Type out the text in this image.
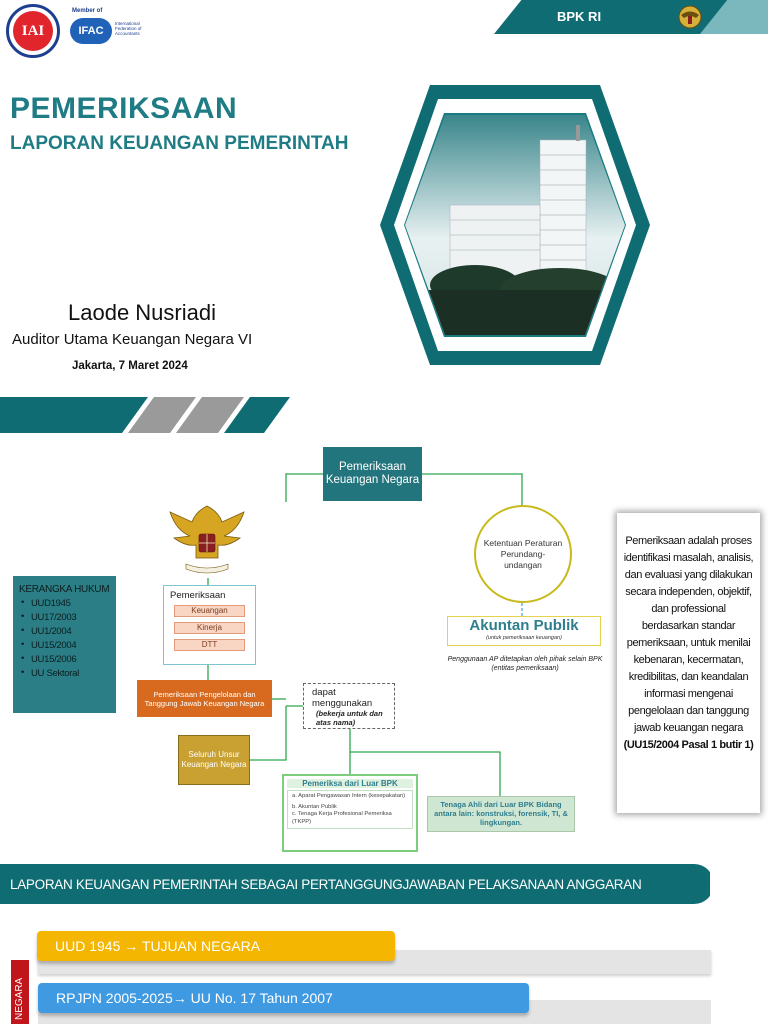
IAI
Member of
IFAC
International Federation of Accountants
BPK RI
PEMERIKSAAN
LAPORAN KEUANGAN PEMERINTAH
Laode Nusriadi
Auditor Utama Keuangan Negara VI
Jakarta, 7 Maret 2024
Pemeriksaan Keuangan Negara
Ketentuan Peraturan Perundang-undangan
KERANGKA HUKUM
• UUD1945
• UU17/2003
• UU1/2004
• UU15/2004
• UU15/2006
• UU Sektoral
Pemeriksaan
Keuangan
Kinerja
DTT
Akuntan Publik
(untuk pemeriksaan keuangan)
Penggunaan AP ditetapkan oleh pihak selain BPK (entitas pemeriksaan)
Pemeriksaan Pengelolaan dan Tanggung Jawab Keuangan Negara
dapat menggunakan
(bekerja untuk dan atas nama)
Seluruh Unsur Keuangan Negara
Pemeriksa dari Luar BPK
a. Aparat Pengawasan Intern (kesepakatan)
b. Akuntan Publik
c. Tenaga Kerja Profesional Pemeriksa (TKPP)
Tenaga Ahli dari Luar BPK Bidang antara lain: konstruksi, forensik, TI, & lingkungan.
Pemeriksaan adalah proses identifikasi masalah, analisis, dan evaluasi yang dilakukan secara independen, objektif, dan professional berdasarkan standar pemeriksaan, untuk menilai kebenaran, kecermatan, kredibilitas, dan keandalan informasi mengenai pengelolaan dan tanggung jawab keuangan negara
(UU15/2004 Pasal 1 butir 1)
LAPORAN KEUANGAN PEMERINTAH SEBAGAI PERTANGGUNGJAWABAN PELAKSANAAN ANGGARAN
UUD 1945 → TUJUAN NEGARA
RPJPN 2005-2025→ UU No. 17 Tahun 2007
NEGARA
